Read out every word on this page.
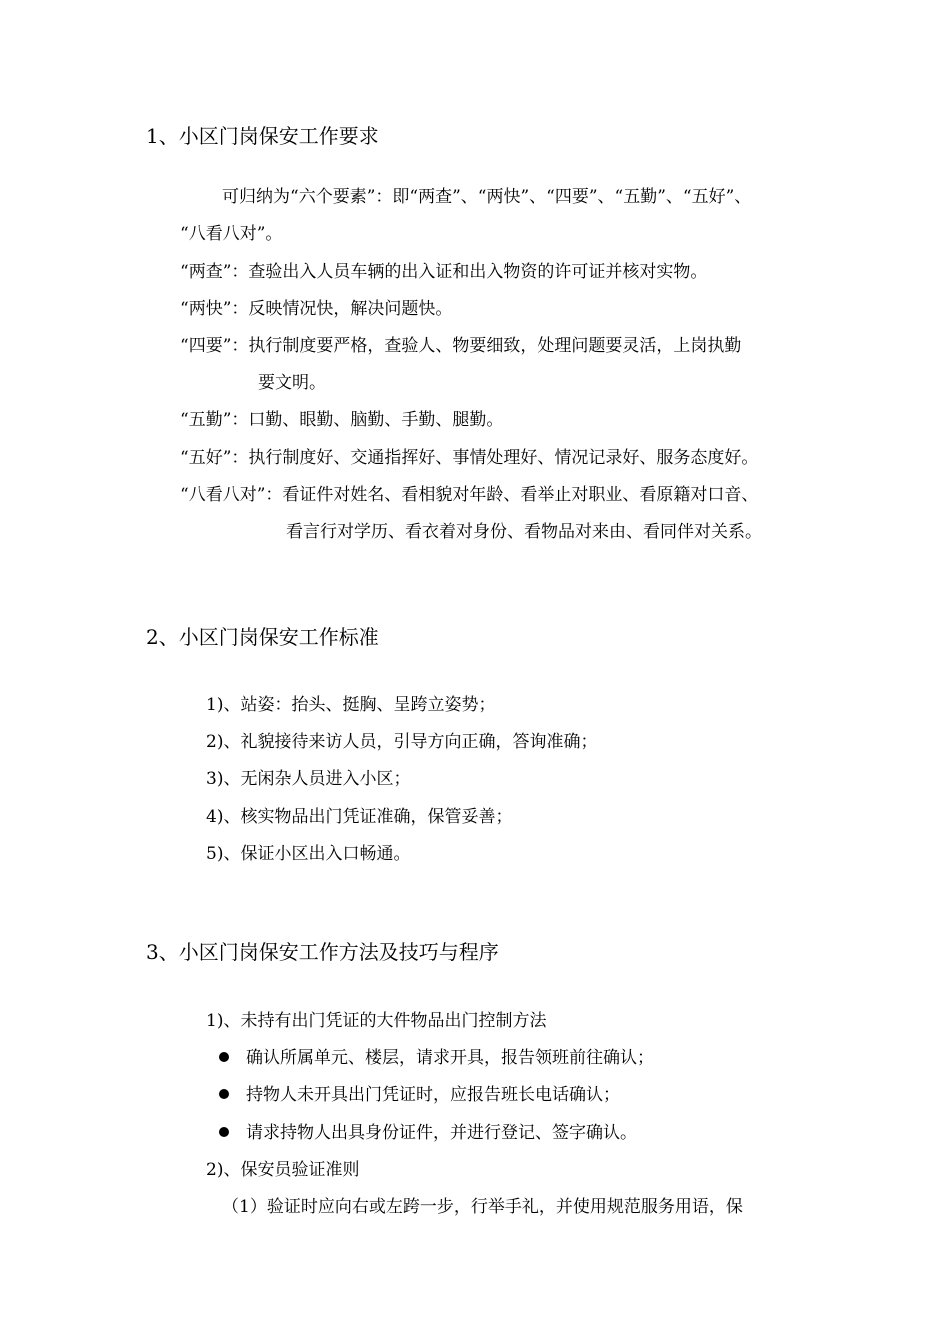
1、小区门岗保安工作要求
可归纳为“六个要素”：即“两查”、“两快”、“四要”、“五勤”、“五好”、
“八看八对”。
“两查”：查验出入人员车辆的出入证和出入物资的许可证并核对实物。
“两快”：反映情况快，解决问题快。
“四要”：执行制度要严格，查验人、物要细致，处理问题要灵活，上岗执勤
要文明。
“五勤”：口勤、眼勤、脑勤、手勤、腿勤。
“五好”：执行制度好、交通指挥好、事情处理好、情况记录好、服务态度好。
“八看八对”：看证件对姓名、看相貌对年龄、看举止对职业、看原籍对口音、
看言行对学历、看衣着对身份、看物品对来由、看同伴对关系。
2、小区门岗保安工作标准
1)、站姿：抬头、挺胸、呈跨立姿势；
2)、礼貌接待来访人员，引导方向正确，答询准确；
3)、无闲杂人员进入小区；
4)、核实物品出门凭证准确，保管妥善；
5)、保证小区出入口畅通。
3、小区门岗保安工作方法及技巧与程序
1)、未持有出门凭证的大件物品出门控制方法
确认所属单元、楼层，请求开具，报告领班前往确认；
持物人未开具出门凭证时，应报告班长电话确认；
请求持物人出具身份证件，并进行登记、签字确认。
2)、保安员验证准则
（1）验证时应向右或左跨一步，行举手礼，并使用规范服务用语，保
